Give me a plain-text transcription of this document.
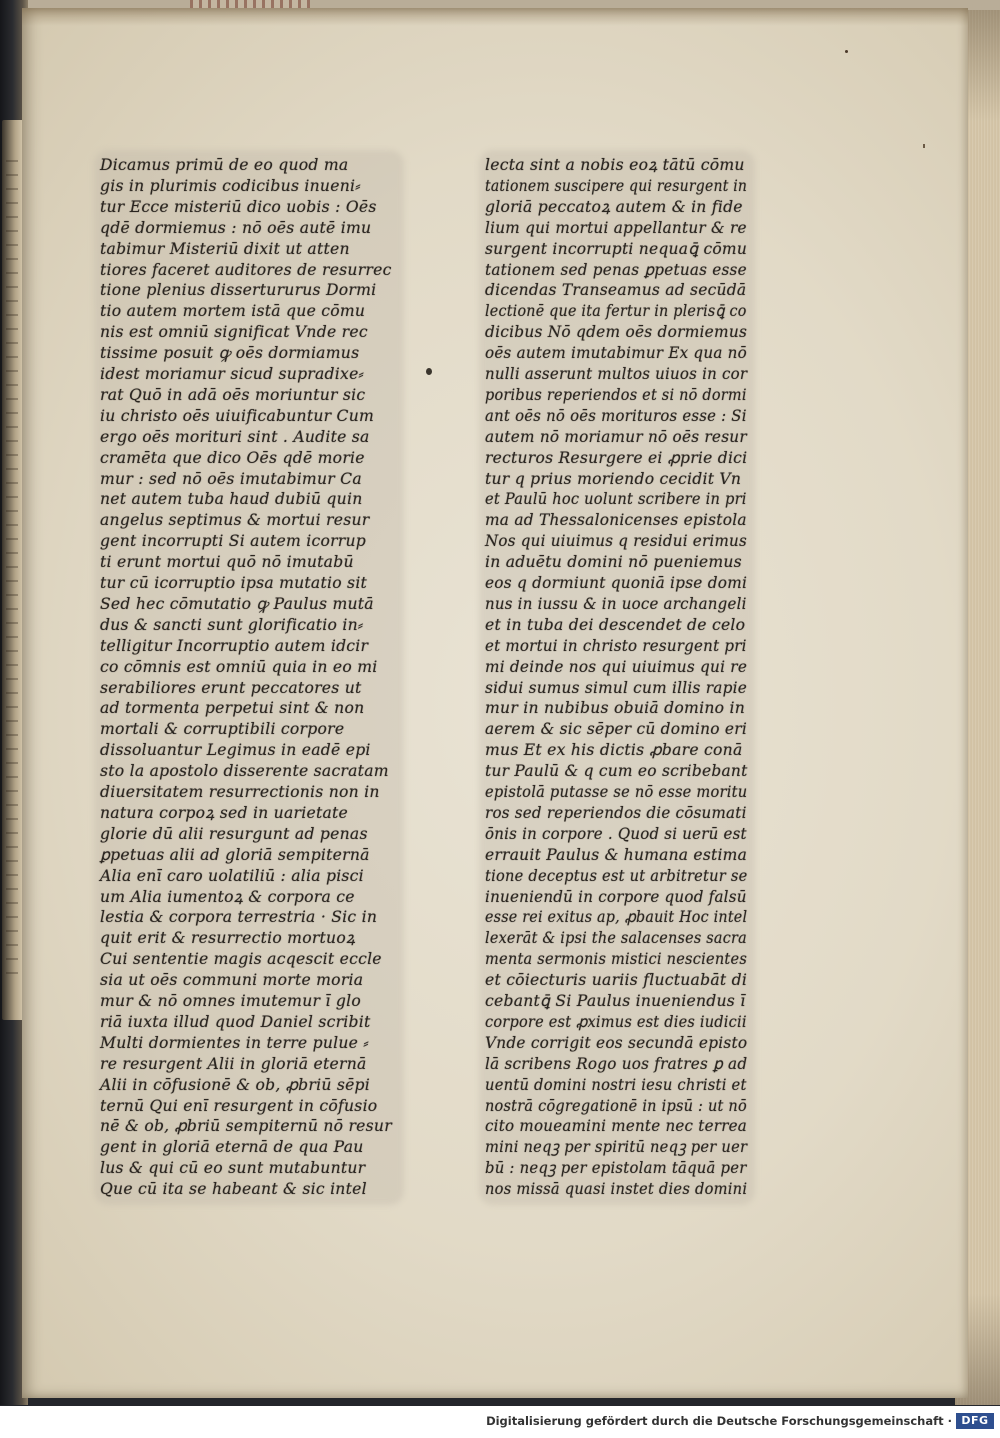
Dicamus primū de eo quod ma
gis in plurimis codicibus inueni⸗
tur Ecce misteriū dico uobis : Oēs
qdē dormiemus : nō oēs autē imu
tabimur Misteriū dixit ut atten
tiores faceret auditores de resurrec
tione plenius dissertururus Dormi
tio autem mortem istā que cōmu
nis est omniū significat Vnde rec
tissime posuit ꝙ oēs dormiamus
idest moriamur sicud supradixe⸗
rat Quō in adā oēs moriuntur sic
iu christo oēs uiuificabuntur Cum
ergo oēs morituri sint . Audite sa
cramēta que dico Oēs qdē morie
mur : sed nō oēs imutabimur Ca
net autem tuba haud dubiū quin
angelus septimus & mortui resur
gent incorrupti Si autem icorrup
ti erunt mortui quō nō imutabū
tur cū icorruptio ipsa mutatio sit
Sed hec cōmutatio ꝙ Paulus mutā
dus & sancti sunt glorificatio in⸗
telligitur Incorruptio autem idcir
co cōmnis est omniū quia in eo mi
serabiliores erunt peccatores ut
ad tormenta perpetui sint & non
mortali & corruptibili corpore
dissoluantur Legimus in eadē epi
sto la apostolo disserente sacratam
diuersitatem resurrectionis non in
natura corpoꝝ sed in uarietate
glorie dū alii resurgunt ad penas
ꝑpetuas alii ad gloriā sempiternā
Alia enī caro uolatiliū : alia pisci
um Alia iumentoꝝ & corpora ce
lestia & corpora terrestria · Sic in
quit erit & resurrectio mortuoꝝ
Cui sententie magis acqescit eccle
sia ut oēs communi morte moria
mur & nō omnes imutemur ī glo
riā iuxta illud quod Daniel scribit
Multi dormientes in terre pulue ⸗
re resurgent Alii in gloriā eternā
Alii in cōfusionē & ob, ꝓbriū sēpi
ternū Qui enī resurgent in cōfusio
nē & ob, ꝓbriū sempiternū nō resur
gent in gloriā eternā de qua Pau
lus & qui cū eo sunt mutabuntur
Que cū ita se habeant & sic intel
lecta sint a nobis eoꝝ tātū cōmu
tationem suscipere qui resurgent in
gloriā peccatoꝝ autem & in fide
lium qui mortui appellantur & re
surgent incorrupti nequaꝗ̄ cōmu
tationem sed penas ꝑpetuas esse
dicendas Transeamus ad secūdā
lectionē que ita fertur in plerisꝗ̄ co
dicibus Nō qdem oēs dormiemus
oēs autem imutabimur Ex qua nō
nulli asserunt multos uiuos in cor
poribus reperiendos et si nō dormi
ant oēs nō oēs morituros esse : Si
autem nō moriamur nō oēs resur
recturos Resurgere ei ꝓprie dici
tur q prius moriendo cecidit Vn
et Paulū hoc uolunt scribere in pri
ma ad Thessalonicenses epistola
Nos qui uiuimus q residui erimus
in aduētu domini nō pueniemus
eos q dormiunt quoniā ipse domi
nus in iussu & in uoce archangeli
et in tuba dei descendet de celo
et mortui in christo resurgent pri
mi deinde nos qui uiuimus qui re
sidui sumus simul cum illis rapie
mur in nubibus obuiā domino in
aerem & sic sēper cū domino eri
mus Et ex his dictis ꝓbare conā
tur Paulū & q cum eo scribebant
epistolā putasse se nō esse moritu
ros sed reperiendos die cōsumati
ōnis in corpore . Quod si uerū est
errauit Paulus & humana estima
tione deceptus est ut arbitretur se
inueniendū in corpore quod falsū
esse rei exitus ap, ꝓbauit Hoc intel
lexerāt & ipsi the salacenses sacra
menta sermonis mistici nescientes
et cōiecturis uariis fluctuabāt di
cebantꝗ̄ Si Paulus inueniendus ī
corpore est ꝓximus est dies iudicii
Vnde corrigit eos secundā episto
lā scribens Rogo uos fratres ꝑ ad
uentū domini nostri iesu christi et
nostrā cōgregationē in ipsū : ut nō
cito moueamini mente nec terrea
mini neqꝫ per spiritū neqꝫ per uer
bū : neqꝫ per epistolam tāquā per
nos missā quasi instet dies domini
Digitalisierung gefördert durch die Deutsche Forschungsgemeinschaft · DFG
